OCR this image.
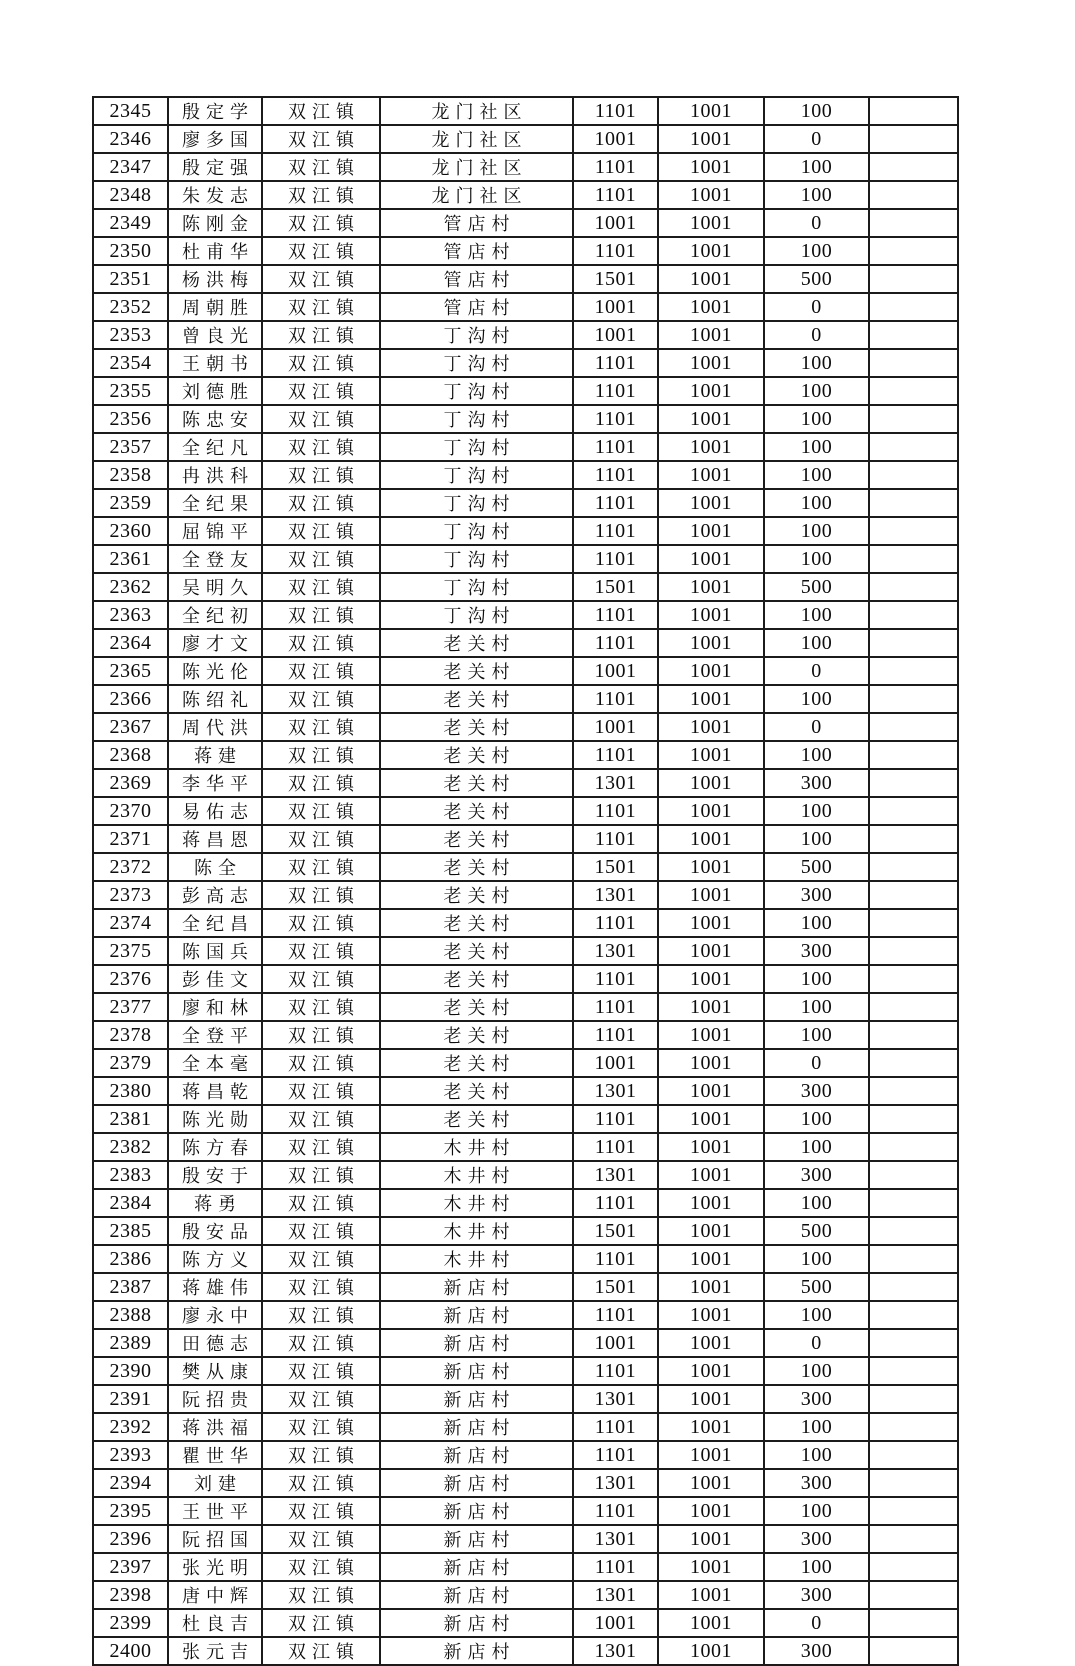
2345	殷定学	双江镇	龙门社区	1101	1001	100	
2346	廖多国	双江镇	龙门社区	1001	1001	0	
2347	殷定强	双江镇	龙门社区	1101	1001	100	
2348	朱发志	双江镇	龙门社区	1101	1001	100	
2349	陈刚金	双江镇	管店村	1001	1001	0	
2350	杜甫华	双江镇	管店村	1101	1001	100	
2351	杨洪梅	双江镇	管店村	1501	1001	500	
2352	周朝胜	双江镇	管店村	1001	1001	0	
2353	曾良光	双江镇	丁沟村	1001	1001	0	
2354	王朝书	双江镇	丁沟村	1101	1001	100	
2355	刘德胜	双江镇	丁沟村	1101	1001	100	
2356	陈忠安	双江镇	丁沟村	1101	1001	100	
2357	全纪凡	双江镇	丁沟村	1101	1001	100	
2358	冉洪科	双江镇	丁沟村	1101	1001	100	
2359	全纪果	双江镇	丁沟村	1101	1001	100	
2360	屈锦平	双江镇	丁沟村	1101	1001	100	
2361	全登友	双江镇	丁沟村	1101	1001	100	
2362	吴明久	双江镇	丁沟村	1501	1001	500	
2363	全纪初	双江镇	丁沟村	1101	1001	100	
2364	廖才文	双江镇	老关村	1101	1001	100	
2365	陈光伦	双江镇	老关村	1001	1001	0	
2366	陈绍礼	双江镇	老关村	1101	1001	100	
2367	周代洪	双江镇	老关村	1001	1001	0	
2368	蒋建	双江镇	老关村	1101	1001	100	
2369	李华平	双江镇	老关村	1301	1001	300	
2370	易佑志	双江镇	老关村	1101	1001	100	
2371	蒋昌恩	双江镇	老关村	1101	1001	100	
2372	陈全	双江镇	老关村	1501	1001	500	
2373	彭高志	双江镇	老关村	1301	1001	300	
2374	全纪昌	双江镇	老关村	1101	1001	100	
2375	陈国兵	双江镇	老关村	1301	1001	300	
2376	彭佳文	双江镇	老关村	1101	1001	100	
2377	廖和林	双江镇	老关村	1101	1001	100	
2378	全登平	双江镇	老关村	1101	1001	100	
2379	全本毫	双江镇	老关村	1001	1001	0	
2380	蒋昌乾	双江镇	老关村	1301	1001	300	
2381	陈光勋	双江镇	老关村	1101	1001	100	
2382	陈方春	双江镇	木井村	1101	1001	100	
2383	殷安于	双江镇	木井村	1301	1001	300	
2384	蒋勇	双江镇	木井村	1101	1001	100	
2385	殷安品	双江镇	木井村	1501	1001	500	
2386	陈方义	双江镇	木井村	1101	1001	100	
2387	蒋雄伟	双江镇	新店村	1501	1001	500	
2388	廖永中	双江镇	新店村	1101	1001	100	
2389	田德志	双江镇	新店村	1001	1001	0	
2390	樊从康	双江镇	新店村	1101	1001	100	
2391	阮招贵	双江镇	新店村	1301	1001	300	
2392	蒋洪福	双江镇	新店村	1101	1001	100	
2393	瞿世华	双江镇	新店村	1101	1001	100	
2394	刘建	双江镇	新店村	1301	1001	300	
2395	王世平	双江镇	新店村	1101	1001	100	
2396	阮招国	双江镇	新店村	1301	1001	300	
2397	张光明	双江镇	新店村	1101	1001	100	
2398	唐中辉	双江镇	新店村	1301	1001	300	
2399	杜良吉	双江镇	新店村	1001	1001	0	
2400	张元吉	双江镇	新店村	1301	1001	300	
